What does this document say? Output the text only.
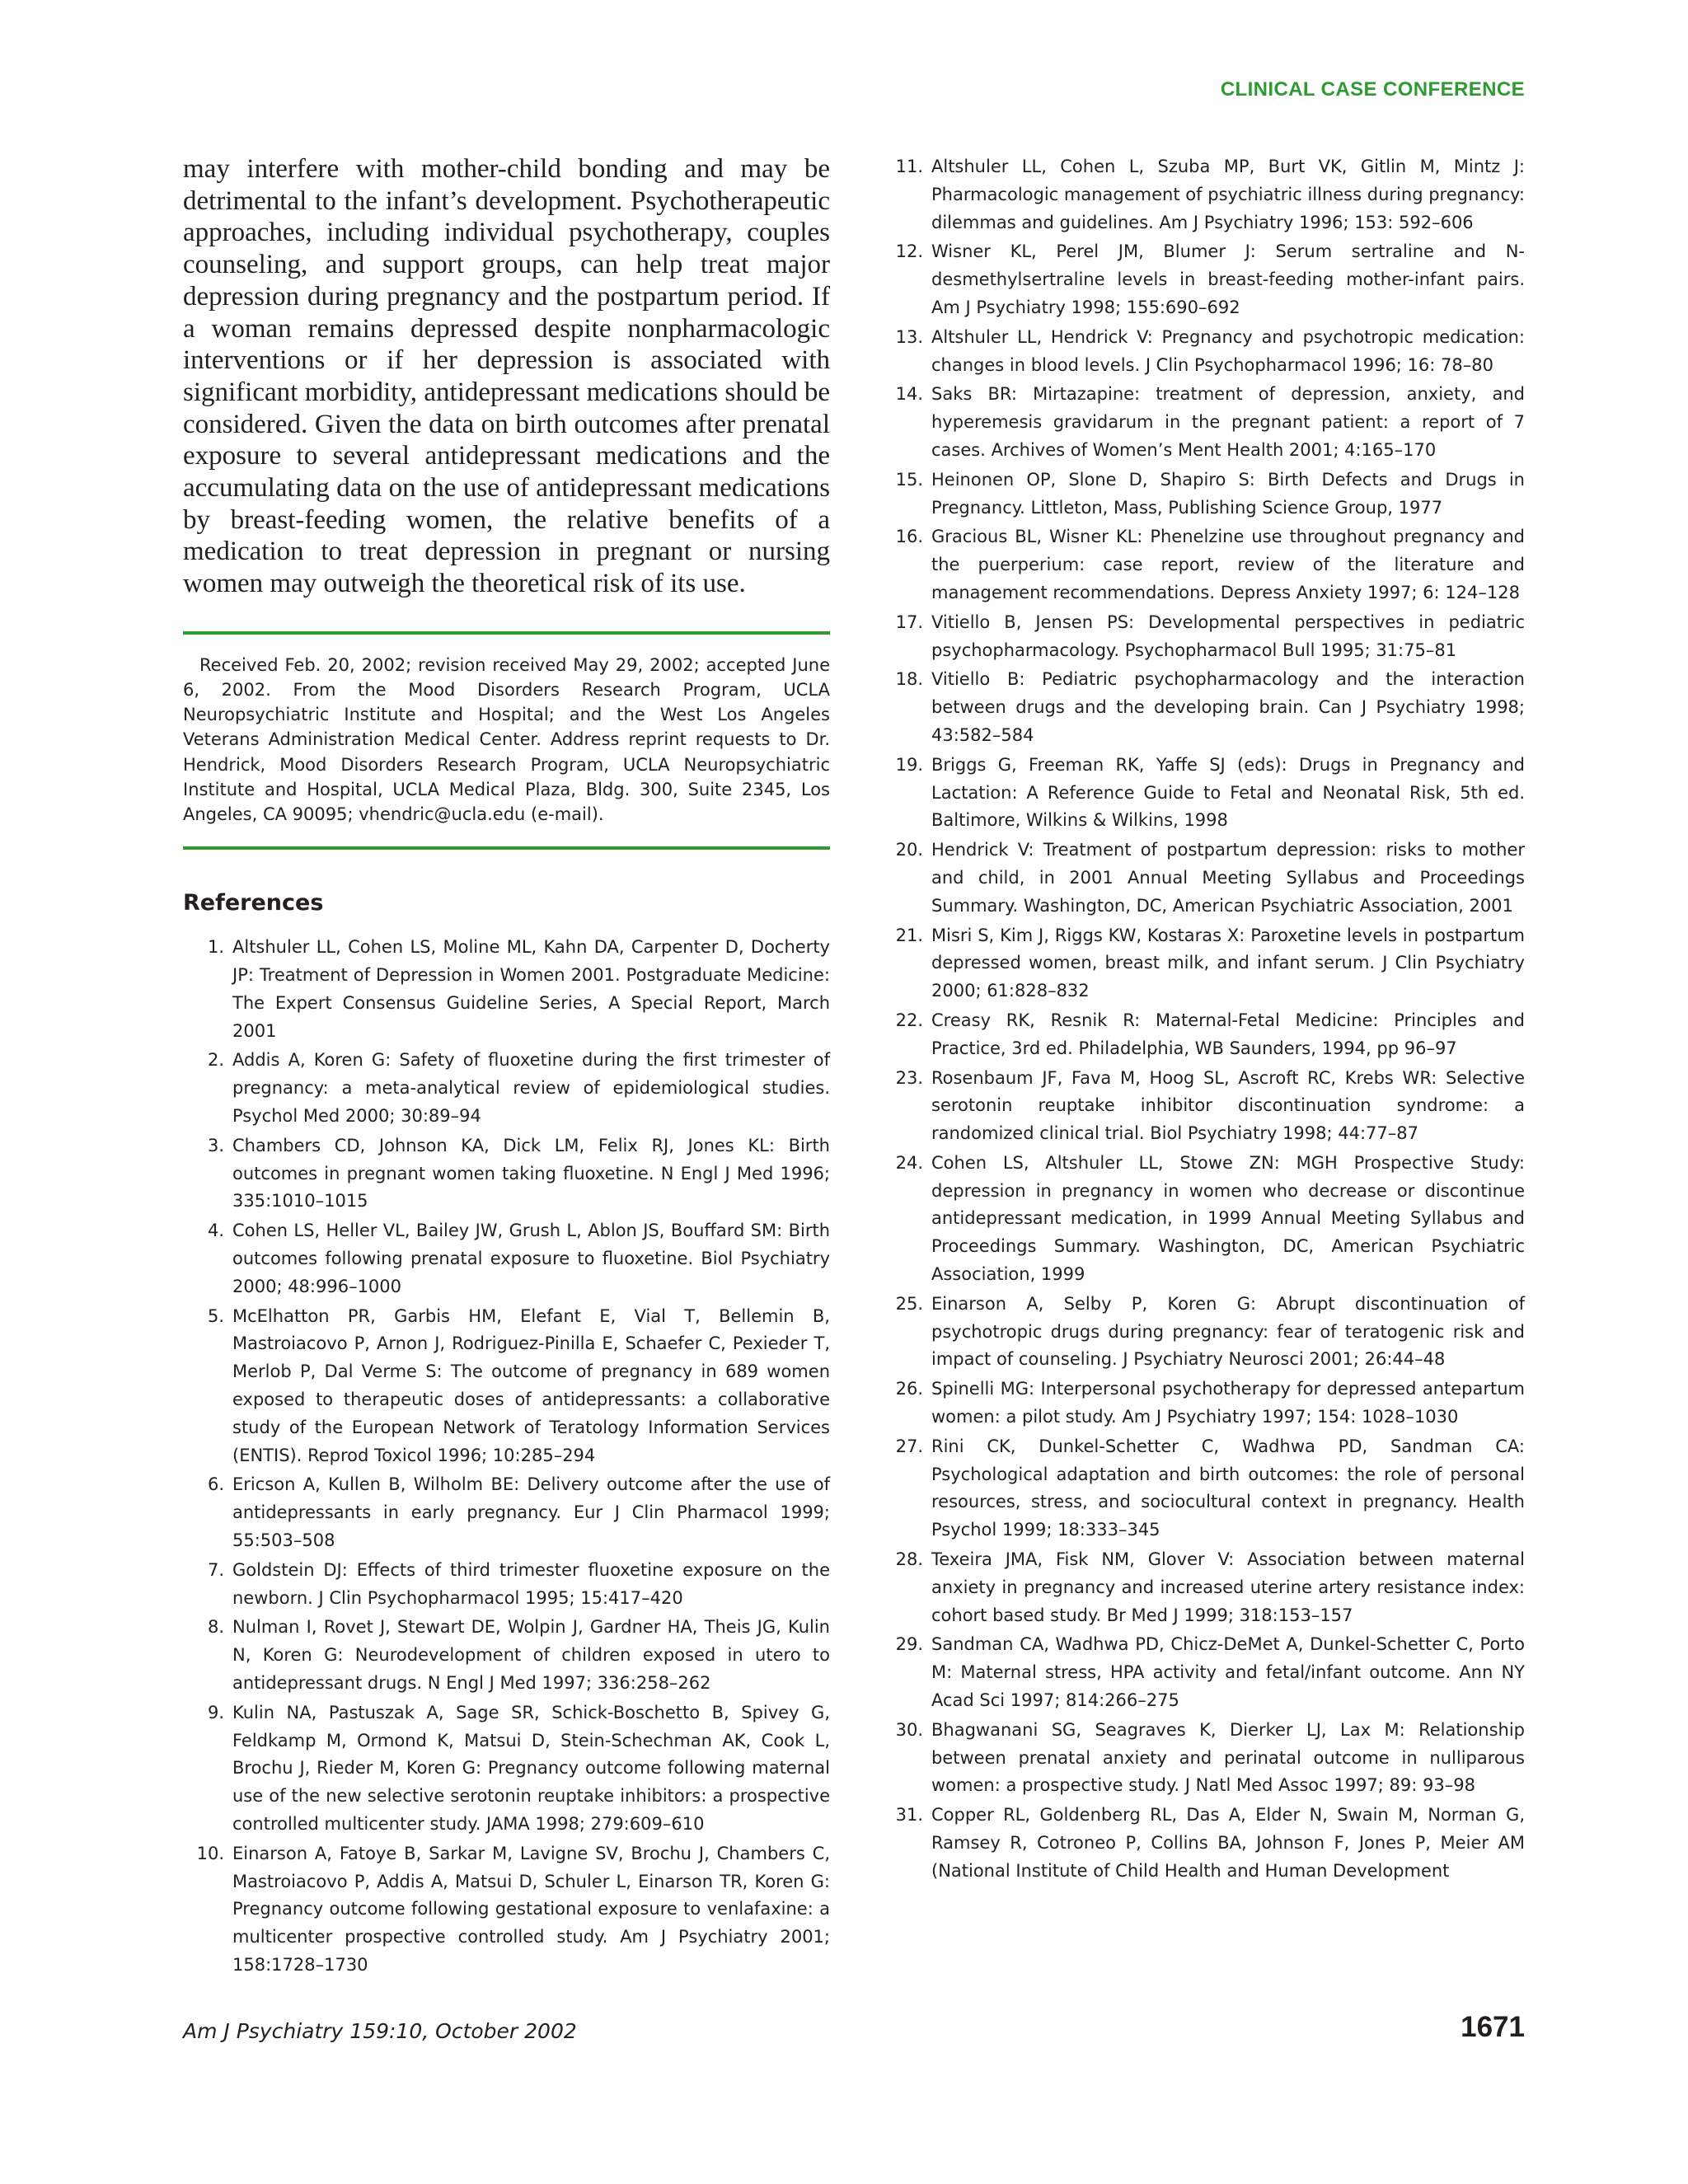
CLINICAL CASE CONFERENCE

may interfere with mother-child bonding and may be detrimental to the infant’s development. Psychotherapeutic approaches, including individual psychotherapy, couples counseling, and support groups, can help treat major depression during pregnancy and the postpartum period. If a woman remains depressed despite nonpharmacologic interventions or if her depression is associated with significant morbidity, antidepressant medications should be considered. Given the data on birth outcomes after prenatal exposure to several antidepressant medications and the accumulating data on the use of antidepressant medications by breast-feeding women, the relative benefits of a medication to treat depression in pregnant or nursing women may outweigh the theoretical risk of its use.

Received Feb. 20, 2002; revision received May 29, 2002; accepted June 6, 2002. From the Mood Disorders Research Program, UCLA Neuropsychiatric Institute and Hospital; and the West Los Angeles Veterans Administration Medical Center. Address reprint requests to Dr. Hendrick, Mood Disorders Research Program, UCLA Neuropsychiatric Institute and Hospital, UCLA Medical Plaza, Bldg. 300, Suite 2345, Los Angeles, CA 90095; vhendric@ucla.edu (e-mail).

References
1. Altshuler LL, Cohen LS, Moline ML, Kahn DA, Carpenter D, Docherty JP: Treatment of Depression in Women 2001. Postgraduate Medicine: The Expert Consensus Guideline Series, A Special Report, March 2001
2. Addis A, Koren G: Safety of fluoxetine during the first trimester of pregnancy: a meta-analytical review of epidemiological studies. Psychol Med 2000; 30:89–94
3. Chambers CD, Johnson KA, Dick LM, Felix RJ, Jones KL: Birth outcomes in pregnant women taking fluoxetine. N Engl J Med 1996; 335:1010–1015
4. Cohen LS, Heller VL, Bailey JW, Grush L, Ablon JS, Bouffard SM: Birth outcomes following prenatal exposure to fluoxetine. Biol Psychiatry 2000; 48:996–1000
5. McElhatton PR, Garbis HM, Elefant E, Vial T, Bellemin B, Mastroiacovo P, Arnon J, Rodriguez-Pinilla E, Schaefer C, Pexieder T, Merlob P, Dal Verme S: The outcome of pregnancy in 689 women exposed to therapeutic doses of antidepressants: a collaborative study of the European Network of Teratology Information Services (ENTIS). Reprod Toxicol 1996; 10:285–294
6. Ericson A, Kullen B, Wilholm BE: Delivery outcome after the use of antidepressants in early pregnancy. Eur J Clin Pharmacol 1999; 55:503–508
7. Goldstein DJ: Effects of third trimester fluoxetine exposure on the newborn. J Clin Psychopharmacol 1995; 15:417–420
8. Nulman I, Rovet J, Stewart DE, Wolpin J, Gardner HA, Theis JG, Kulin N, Koren G: Neurodevelopment of children exposed in utero to antidepressant drugs. N Engl J Med 1997; 336:258–262
9. Kulin NA, Pastuszak A, Sage SR, Schick-Boschetto B, Spivey G, Feldkamp M, Ormond K, Matsui D, Stein-Schechman AK, Cook L, Brochu J, Rieder M, Koren G: Pregnancy outcome following maternal use of the new selective serotonin reuptake inhibitors: a prospective controlled multicenter study. JAMA 1998; 279:609–610
10. Einarson A, Fatoye B, Sarkar M, Lavigne SV, Brochu J, Chambers C, Mastroiacovo P, Addis A, Matsui D, Schuler L, Einarson TR, Koren G: Pregnancy outcome following gestational exposure to venlafaxine: a multicenter prospective controlled study. Am J Psychiatry 2001; 158:1728–1730
11. Altshuler LL, Cohen L, Szuba MP, Burt VK, Gitlin M, Mintz J: Pharmacologic management of psychiatric illness during pregnancy: dilemmas and guidelines. Am J Psychiatry 1996; 153: 592–606
12. Wisner KL, Perel JM, Blumer J: Serum sertraline and N-desmethylsertraline levels in breast-feeding mother-infant pairs. Am J Psychiatry 1998; 155:690–692
13. Altshuler LL, Hendrick V: Pregnancy and psychotropic medication: changes in blood levels. J Clin Psychopharmacol 1996; 16: 78–80
14. Saks BR: Mirtazapine: treatment of depression, anxiety, and hyperemesis gravidarum in the pregnant patient: a report of 7 cases. Archives of Women’s Ment Health 2001; 4:165–170
15. Heinonen OP, Slone D, Shapiro S: Birth Defects and Drugs in Pregnancy. Littleton, Mass, Publishing Science Group, 1977
16. Gracious BL, Wisner KL: Phenelzine use throughout pregnancy and the puerperium: case report, review of the literature and management recommendations. Depress Anxiety 1997; 6: 124–128
17. Vitiello B, Jensen PS: Developmental perspectives in pediatric psychopharmacology. Psychopharmacol Bull 1995; 31:75–81
18. Vitiello B: Pediatric psychopharmacology and the interaction between drugs and the developing brain. Can J Psychiatry 1998; 43:582–584
19. Briggs G, Freeman RK, Yaffe SJ (eds): Drugs in Pregnancy and Lactation: A Reference Guide to Fetal and Neonatal Risk, 5th ed. Baltimore, Wilkins & Wilkins, 1998
20. Hendrick V: Treatment of postpartum depression: risks to mother and child, in 2001 Annual Meeting Syllabus and Proceedings Summary. Washington, DC, American Psychiatric Association, 2001
21. Misri S, Kim J, Riggs KW, Kostaras X: Paroxetine levels in postpartum depressed women, breast milk, and infant serum. J Clin Psychiatry 2000; 61:828–832
22. Creasy RK, Resnik R: Maternal-Fetal Medicine: Principles and Practice, 3rd ed. Philadelphia, WB Saunders, 1994, pp 96–97
23. Rosenbaum JF, Fava M, Hoog SL, Ascroft RC, Krebs WR: Selective serotonin reuptake inhibitor discontinuation syndrome: a randomized clinical trial. Biol Psychiatry 1998; 44:77–87
24. Cohen LS, Altshuler LL, Stowe ZN: MGH Prospective Study: depression in pregnancy in women who decrease or discontinue antidepressant medication, in 1999 Annual Meeting Syllabus and Proceedings Summary. Washington, DC, American Psychiatric Association, 1999
25. Einarson A, Selby P, Koren G: Abrupt discontinuation of psychotropic drugs during pregnancy: fear of teratogenic risk and impact of counseling. J Psychiatry Neurosci 2001; 26:44–48
26. Spinelli MG: Interpersonal psychotherapy for depressed antepartum women: a pilot study. Am J Psychiatry 1997; 154: 1028–1030
27. Rini CK, Dunkel-Schetter C, Wadhwa PD, Sandman CA: Psychological adaptation and birth outcomes: the role of personal resources, stress, and sociocultural context in pregnancy. Health Psychol 1999; 18:333–345
28. Texeira JMA, Fisk NM, Glover V: Association between maternal anxiety in pregnancy and increased uterine artery resistance index: cohort based study. Br Med J 1999; 318:153–157
29. Sandman CA, Wadhwa PD, Chicz-DeMet A, Dunkel-Schetter C, Porto M: Maternal stress, HPA activity and fetal/infant outcome. Ann NY Acad Sci 1997; 814:266–275
30. Bhagwanani SG, Seagraves K, Dierker LJ, Lax M: Relationship between prenatal anxiety and perinatal outcome in nulliparous women: a prospective study. J Natl Med Assoc 1997; 89: 93–98
31. Copper RL, Goldenberg RL, Das A, Elder N, Swain M, Norman G, Ramsey R, Cotroneo P, Collins BA, Johnson F, Jones P, Meier AM (National Institute of Child Health and Human Development
Am J Psychiatry 159:10, October 2002	1671
